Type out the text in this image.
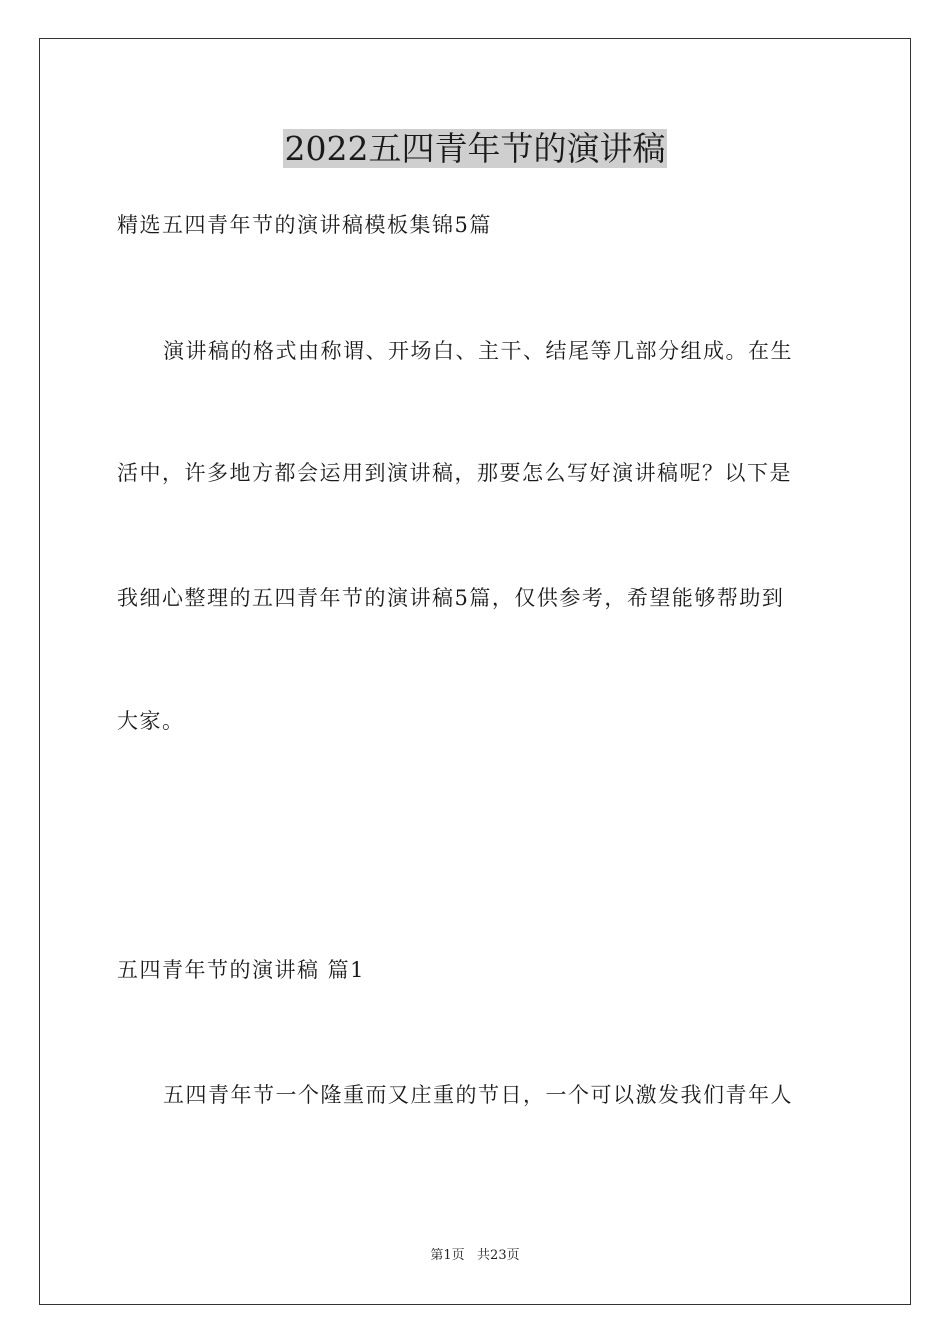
2022五四青年节的演讲稿
精选五四青年节的演讲稿模板集锦5篇
演讲稿的格式由称谓、开场白、主干、结尾等几部分组成。在生
活中，许多地方都会运用到演讲稿，那要怎么写好演讲稿呢？以下是
我细心整理的五四青年节的演讲稿5篇，仅供参考，希望能够帮助到
大家。
五四青年节的演讲稿 篇1
五四青年节一个隆重而又庄重的节日，一个可以激发我们青年人
第1页   共23页
